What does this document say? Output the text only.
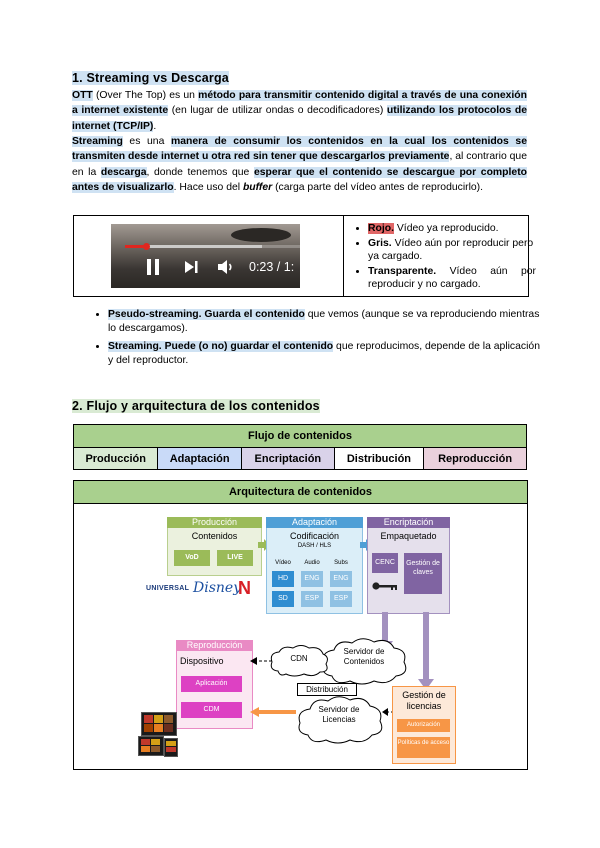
1. Streaming vs Descarga

OTT (Over The Top) es un método para transmitir contenido digital a través de una conexión a internet existente (en lugar de utilizar ondas o decodificadores) utilizando los protocolos de internet (TCP/IP).

Streaming es una manera de consumir los contenidos en la cual los contenidos se transmiten desde internet u otra red sin tener que descargarlos previamente, al contrario que en la descarga, donde tenemos que esperar que el contenido se descargue por completo antes de visualizarlo. Hace uso del buffer (carga parte del vídeo antes de reproducirlo).

0:23 / 1:
• Rojo. Vídeo ya reproducido.
• Gris. Vídeo aún por reproducir pero ya cargado.
• Transparente. Vídeo aún por reproducir y no cargado.
• Pseudo-streaming. Guarda el contenido que vemos (aunque se va reproduciendo mientras lo descargamos).
• Streaming. Puede (o no) guardar el contenido que reproducimos, depende de la aplicación y del reproductor.
2. Flujo y arquitectura de los contenidos
Flujo de contenidos
Producción	Adaptación	Encriptación	Distribución	Reproducción
Arquitectura de contenidos
Producción
Contenidos
VoD	LIVE
UNIVERSAL Disney
N
Adaptación
Codificación
DASH / HLS
Vídeo	Audio	Subs
HD	ENG	ENG
SD	ESP	ESP
Encriptación
Empaquetado
CENC	Gestión de claves
Servidor de Contenidos
CDN
Servidor de Licencias
Distribución
Reproducción
Dispositivo
Aplicación
CDM
Gestión de licencias
Autorización
Políticas de acceso
